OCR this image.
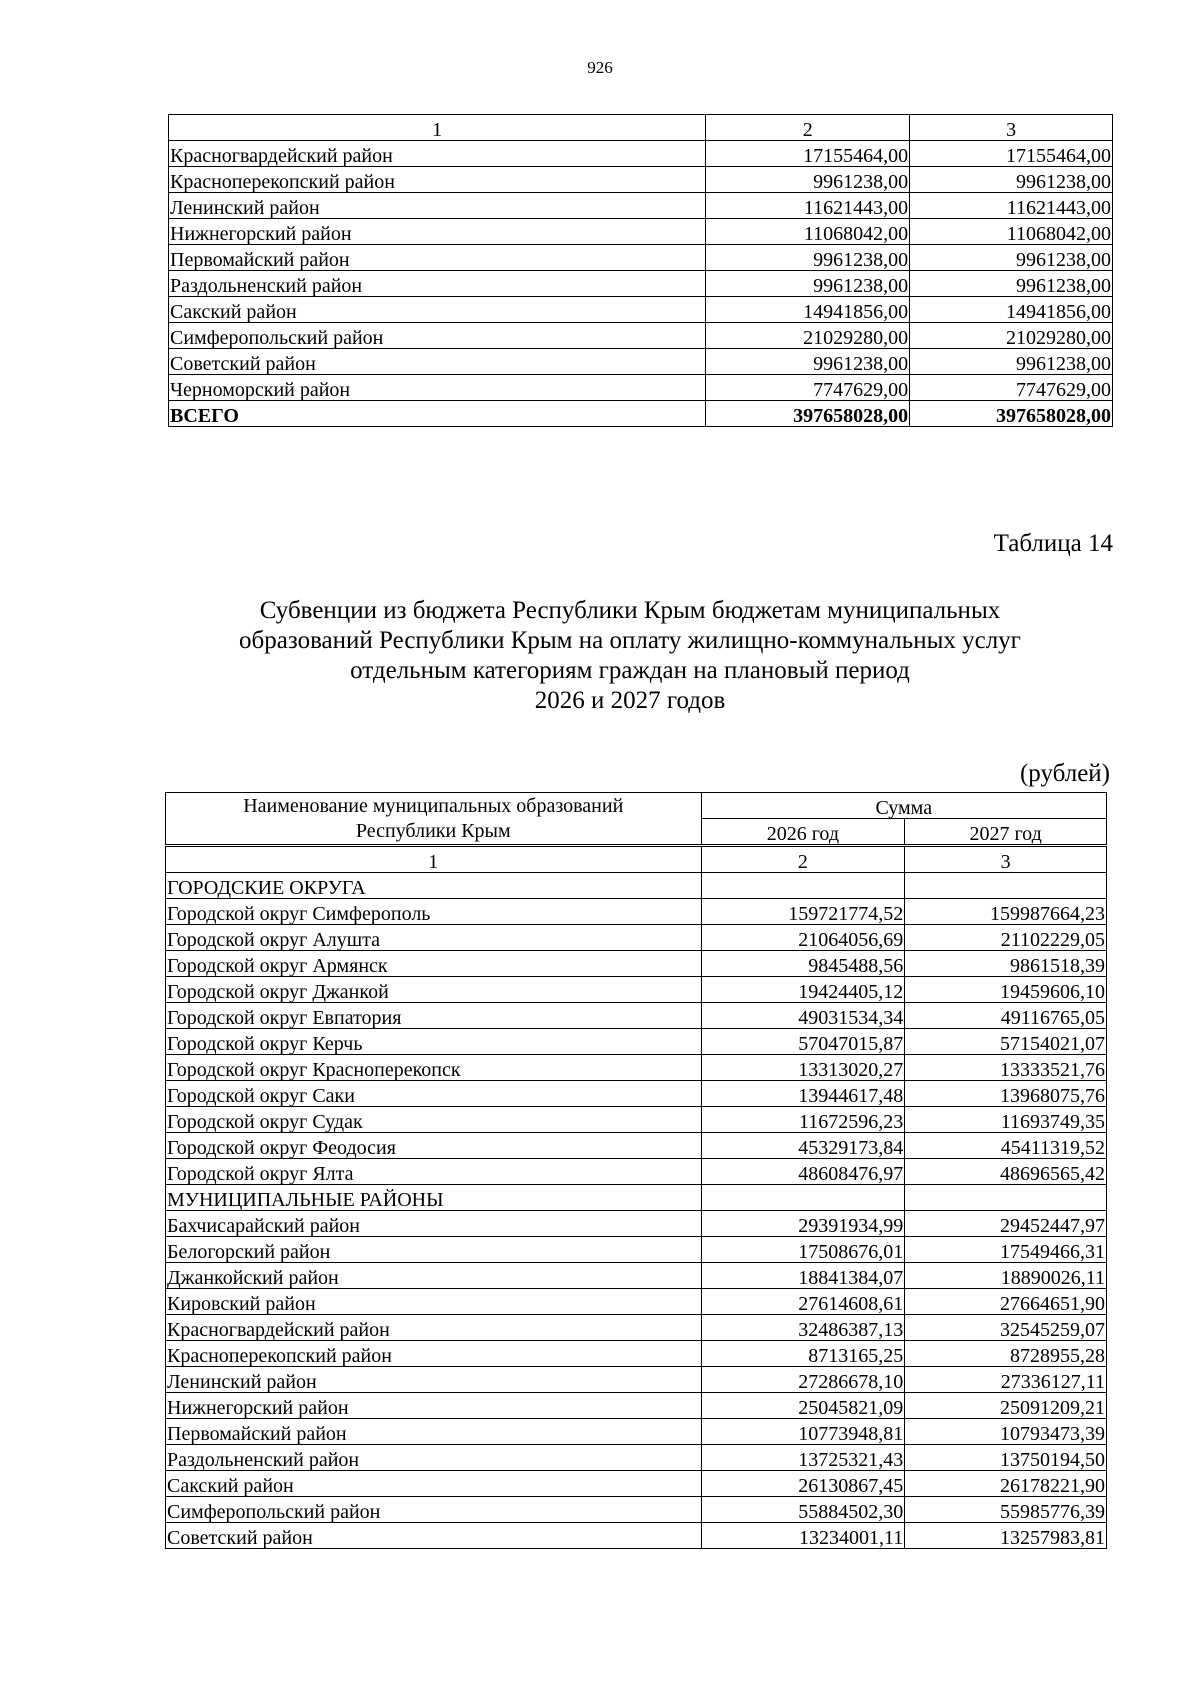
926
1	2	3
Красногвардейский район	17155464,00	17155464,00
Красноперекопский район	9961238,00	9961238,00
Ленинский район	11621443,00	11621443,00
Нижнегорский район	11068042,00	11068042,00
Первомайский район	9961238,00	9961238,00
Раздольненский район	9961238,00	9961238,00
Сакский район	14941856,00	14941856,00
Симферопольский район	21029280,00	21029280,00
Советский район	9961238,00	9961238,00
Черноморский район	7747629,00	7747629,00
ВСЕГО	397658028,00	397658028,00
Таблица 14
Субвенции из бюджета Республики Крым бюджетам муниципальных
образований Республики Крым на оплату жилищно-коммунальных услуг
отдельным категориям граждан на плановый период
2026 и 2027 годов
(рублей)
Наименование муниципальных образований
Республики Крым	Сумма	
	2026 год	2027 год
1	2	3
ГОРОДСКИЕ ОКРУГА		
Городской округ Симферополь	159721774,52	159987664,23
Городской округ Алушта	21064056,69	21102229,05
Городской округ Армянск	9845488,56	9861518,39
Городской округ Джанкой	19424405,12	19459606,10
Городской округ Евпатория	49031534,34	49116765,05
Городской округ Керчь	57047015,87	57154021,07
Городской округ Красноперекопск	13313020,27	13333521,76
Городской округ Саки	13944617,48	13968075,76
Городской округ Судак	11672596,23	11693749,35
Городской округ Феодосия	45329173,84	45411319,52
Городской округ Ялта	48608476,97	48696565,42
МУНИЦИПАЛЬНЫЕ РАЙОНЫ		
Бахчисарайский район	29391934,99	29452447,97
Белогорский район	17508676,01	17549466,31
Джанкойский район	18841384,07	18890026,11
Кировский район	27614608,61	27664651,90
Красногвардейский район	32486387,13	32545259,07
Красноперекопский район	8713165,25	8728955,28
Ленинский район	27286678,10	27336127,11
Нижнегорский район	25045821,09	25091209,21
Первомайский район	10773948,81	10793473,39
Раздольненский район	13725321,43	13750194,50
Сакский район	26130867,45	26178221,90
Симферопольский район	55884502,30	55985776,39
Советский район	13234001,11	13257983,81
